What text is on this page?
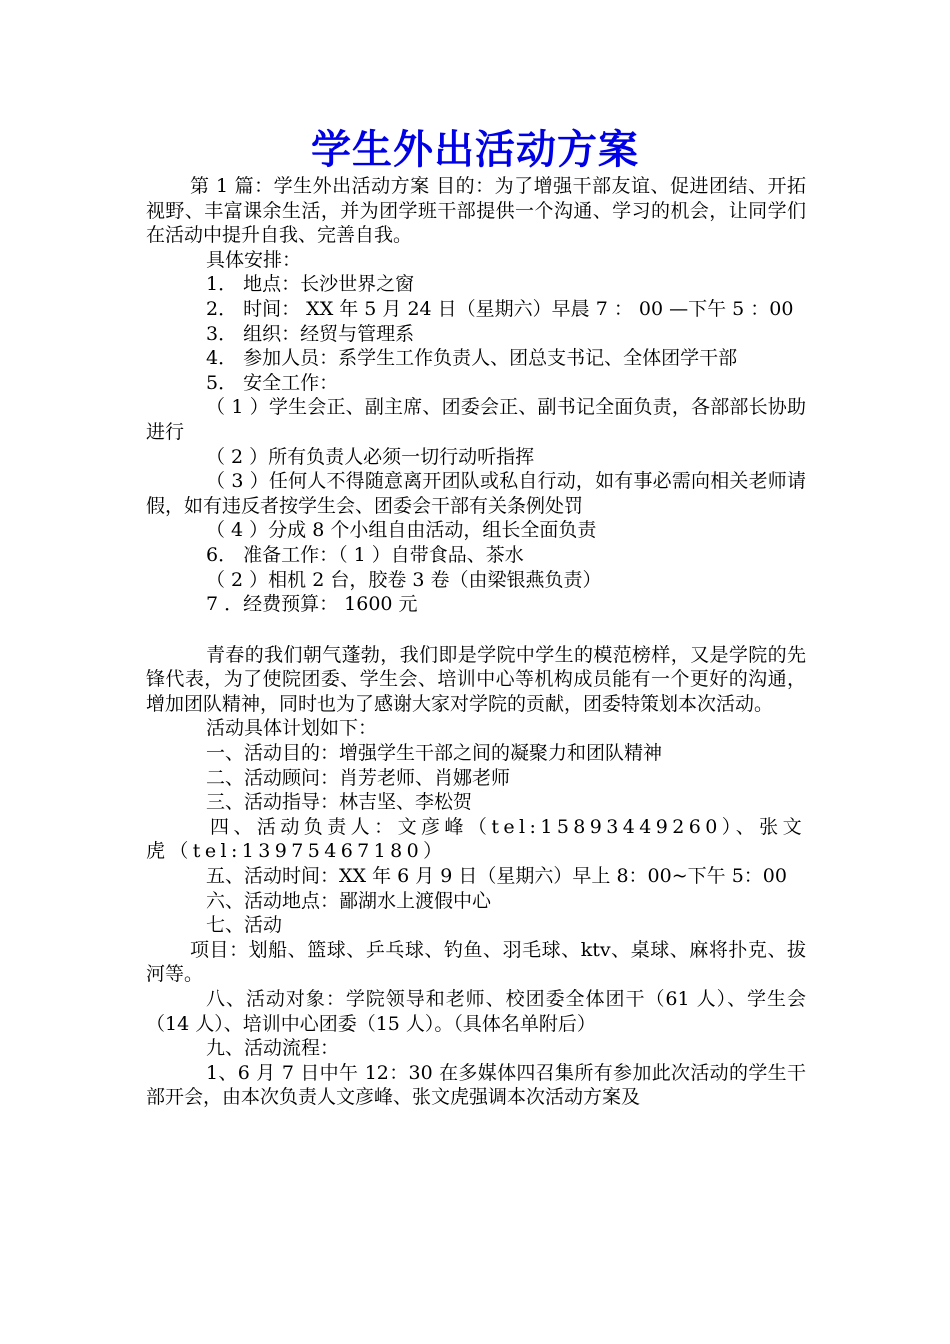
学生外出活动方案

第 1 篇：学生外出活动方案 目的：为了增强干部友谊、促进团结、开拓视野、丰富课余生活，并为团学班干部提供一个沟通、学习的机会，让同学们在活动中提升自我、完善自我。

具体安排：

1． 地点：长沙世界之窗

2． 时间： XX 年 5 月 24 日（星期六）早晨 7 ： 00 —下午 5 ：00

3． 组织：经贸与管理系

4． 参加人员：系学生工作负责人、团总支书记、全体团学干部

5． 安全工作：

（ 1 ）学生会正、副主席、团委会正、副书记全面负责，各部部长协助进行

（ 2 ）所有负责人必须一切行动听指挥

（ 3 ）任何人不得随意离开团队或私自行动，如有事必需向相关老师请假，如有违反者按学生会、团委会干部有关条例处罚

（ 4 ）分成 8 个小组自由活动，组长全面负责

6． 准备工作：（ 1 ）自带食品、茶水

（ 2 ）相机 2 台，胶卷 3 卷（由梁银燕负责）

7 ．经费预算： 1600 元

青春的我们朝气蓬勃，我们即是学院中学生的模范榜样，又是学院的先锋代表，为了使院团委、学生会、培训中心等机构成员能有一个更好的沟通，增加团队精神，同时也为了感谢大家对学院的贡献，团委特策划本次活动。

活动具体计划如下：

一、活动目的：增强学生干部之间的凝聚力和团队精神

二、活动顾问：肖芳老师、肖娜老师

三、活动指导：林吉坚、李松贺

四、活动负责人：文彦峰（tel:15893449260）、张文虎（tel:13975467180）

五、活动时间：XX 年 6 月 9 日（星期六）早上 8：00~下午 5：00

六、活动地点：鄙湖水上渡假中心

七、活动

项目：划船、篮球、乒乓球、钓鱼、羽毛球、ktv、桌球、麻将扑克、拔河等。

八、活动对象：学院领导和老师、校团委全体团干（61 人）、学生会（14 人）、培训中心团委（15 人）。（具体名单附后）

九、活动流程：

1、6 月 7 日中午 12：30 在多媒体四召集所有参加此次活动的学生干部开会，由本次负责人文彦峰、张文虎强调本次活动方案及
